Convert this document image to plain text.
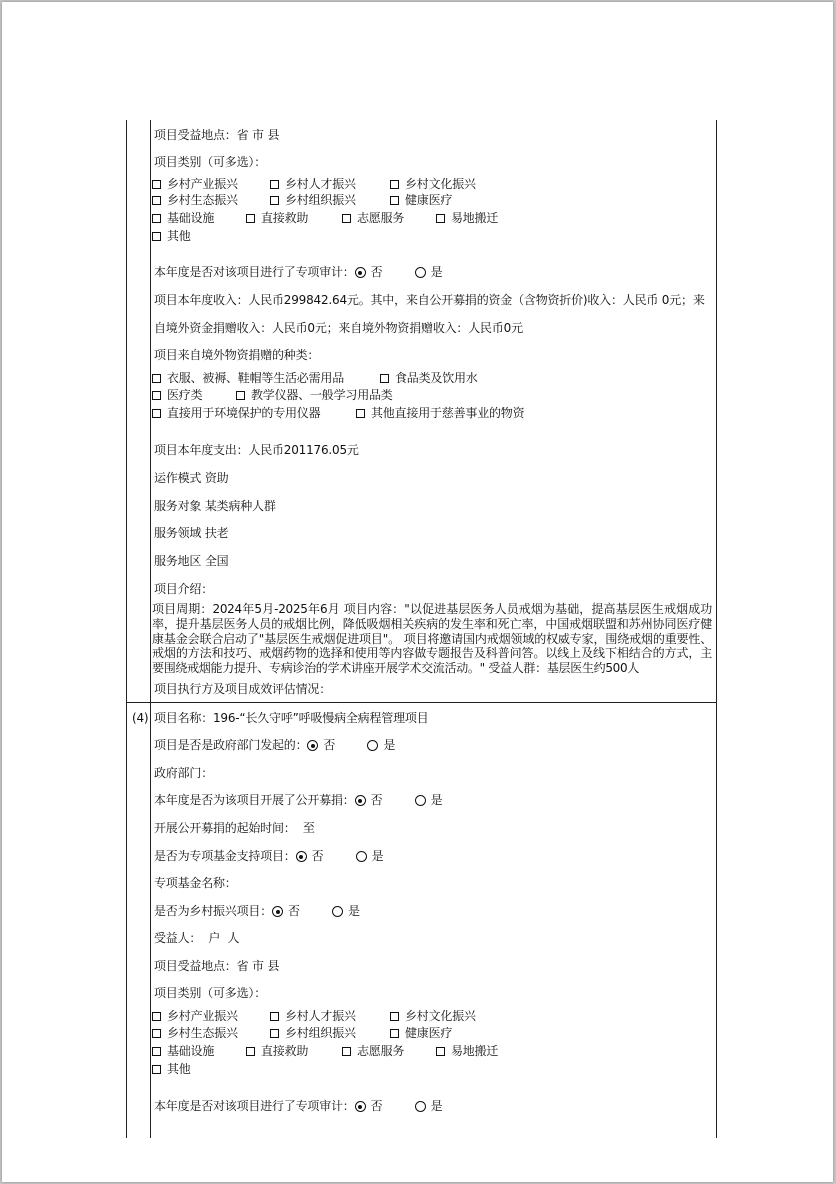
项目受益地点：省 市 县
项目类别（可多选）：
乡村产业振兴	乡村人才振兴	乡村文化振兴
乡村生态振兴	乡村组织振兴	健康医疗
基础设施	直接救助	志愿服务	易地搬迁
其他
本年度是否对该项目进行了专项审计： 否	是
项目本年度收入：人民币299842.64元。其中，来自公开募捐的资金（含物资折价)收入：人民币 0元；来
自境外资金捐赠收入：人民币0元；来自境外物资捐赠收入：人民币0元
项目来自境外物资捐赠的种类：
衣服、被褥、鞋帽等生活必需用品	食品类及饮用水
医疗类	教学仪器、一般学习用品类
直接用于环境保护的专用仪器	其他直接用于慈善事业的物资
项目本年度支出：人民币201176.05元
运作模式 资助
服务对象 某类病种人群
服务领域 扶老
服务地区 全国
项目介绍：
项目周期：2024年5月-2025年6月 项目内容："以促进基层医务人员戒烟为基础，提高基层医生戒烟成功率，提升基层医务人员的戒烟比例，降低吸烟相关疾病的发生率和死亡率，中国戒烟联盟和苏州协同医疗健康基金会联合启动了"基层医生戒烟促进项目"。 项目将邀请国内戒烟领域的权威专家，围绕戒烟的重要性、戒烟的方法和技巧、戒烟药物的选择和使用等内容做专题报告及科普问答。以线上及线下相结合的方式，主要围绕戒烟能力提升、专病诊治的学术讲座开展学术交流活动。" 受益人群：基层医生约500人
项目执行方及项目成效评估情况：
(4) 项目名称：196-“长久守呼”呼吸慢病全病程管理项目
项目是否是政府部门发起的： 否	是
政府部门：
本年度是否为该项目开展了公开募捐： 否	是
开展公开募捐的起始时间：  至
是否为专项基金支持项目： 否	是
专项基金名称：
是否为乡村振兴项目： 否	是
受益人：  户  人
项目受益地点：省 市 县
项目类别（可多选）：
乡村产业振兴	乡村人才振兴	乡村文化振兴
乡村生态振兴	乡村组织振兴	健康医疗
基础设施	直接救助	志愿服务	易地搬迁
其他
本年度是否对该项目进行了专项审计： 否	是
